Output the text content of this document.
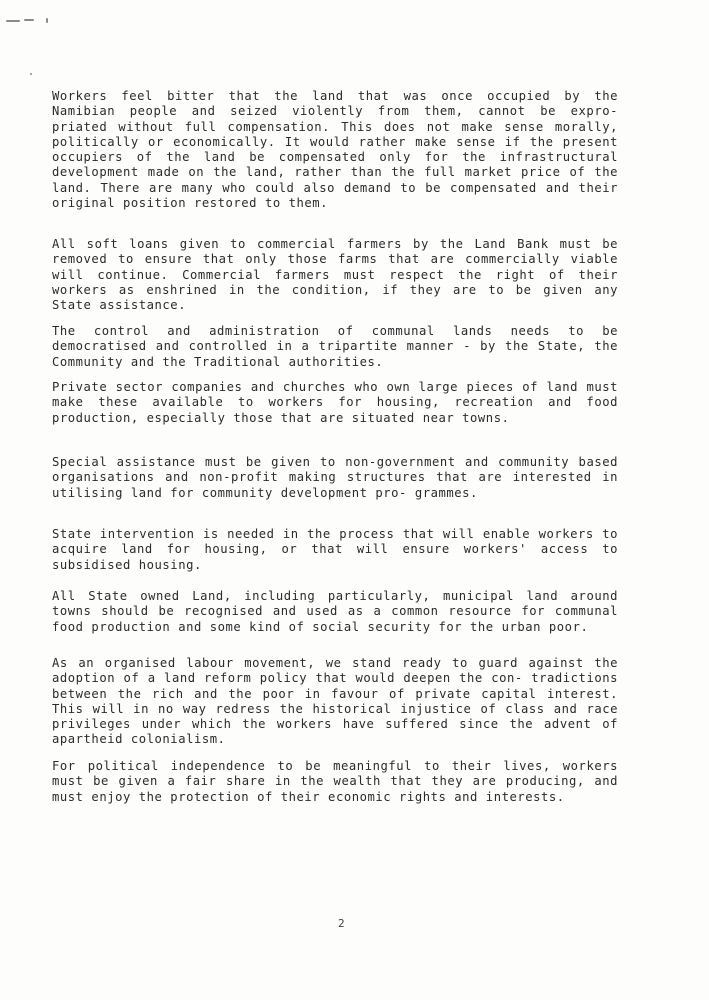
Workers feel bitter that the land that was once occupied by the Namibian people and seized violently from them, cannot be expro- priated without full compensation. This does not make sense morally, politically or economically. It would rather make sense if the present occupiers of the land be compensated only for the infrastructural development made on the land, rather than the full market price of the land. There are many who could also demand to be compensated and their original position restored to them.

All soft loans given to commercial farmers by the Land Bank must be removed to ensure that only those farms that are commercially viable will continue. Commercial farmers must respect the right of their workers as enshrined in the condition, if they are to be given any State assistance.

The control and administration of communal lands needs to be democratised and controlled in a tripartite manner - by the State, the Community and the Traditional authorities.

Private sector companies and churches who own large pieces of land must make these available to workers for housing, recreation and food production, especially those that are situated near towns.

Special assistance must be given to non-government and community based organisations and non-profit making structures that are interested in utilising land for community development pro- grammes.

State intervention is needed in the process that will enable workers to acquire land for housing, or that will ensure workers' access to subsidised housing.

All State owned Land, including particularly, municipal land around towns should be recognised and used as a common resource for communal food production and some kind of social security for the urban poor.

As an organised labour movement, we stand ready to guard against the adoption of a land reform policy that would deepen the con- tradictions between the rich and the poor in favour of private capital interest. This will in no way redress the historical injustice of class and race privileges under which the workers have suffered since the advent of apartheid colonialism.

For political independence to be meaningful to their lives, workers must be given a fair share in the wealth that they are producing, and must enjoy the protection of their economic rights and interests.

2
